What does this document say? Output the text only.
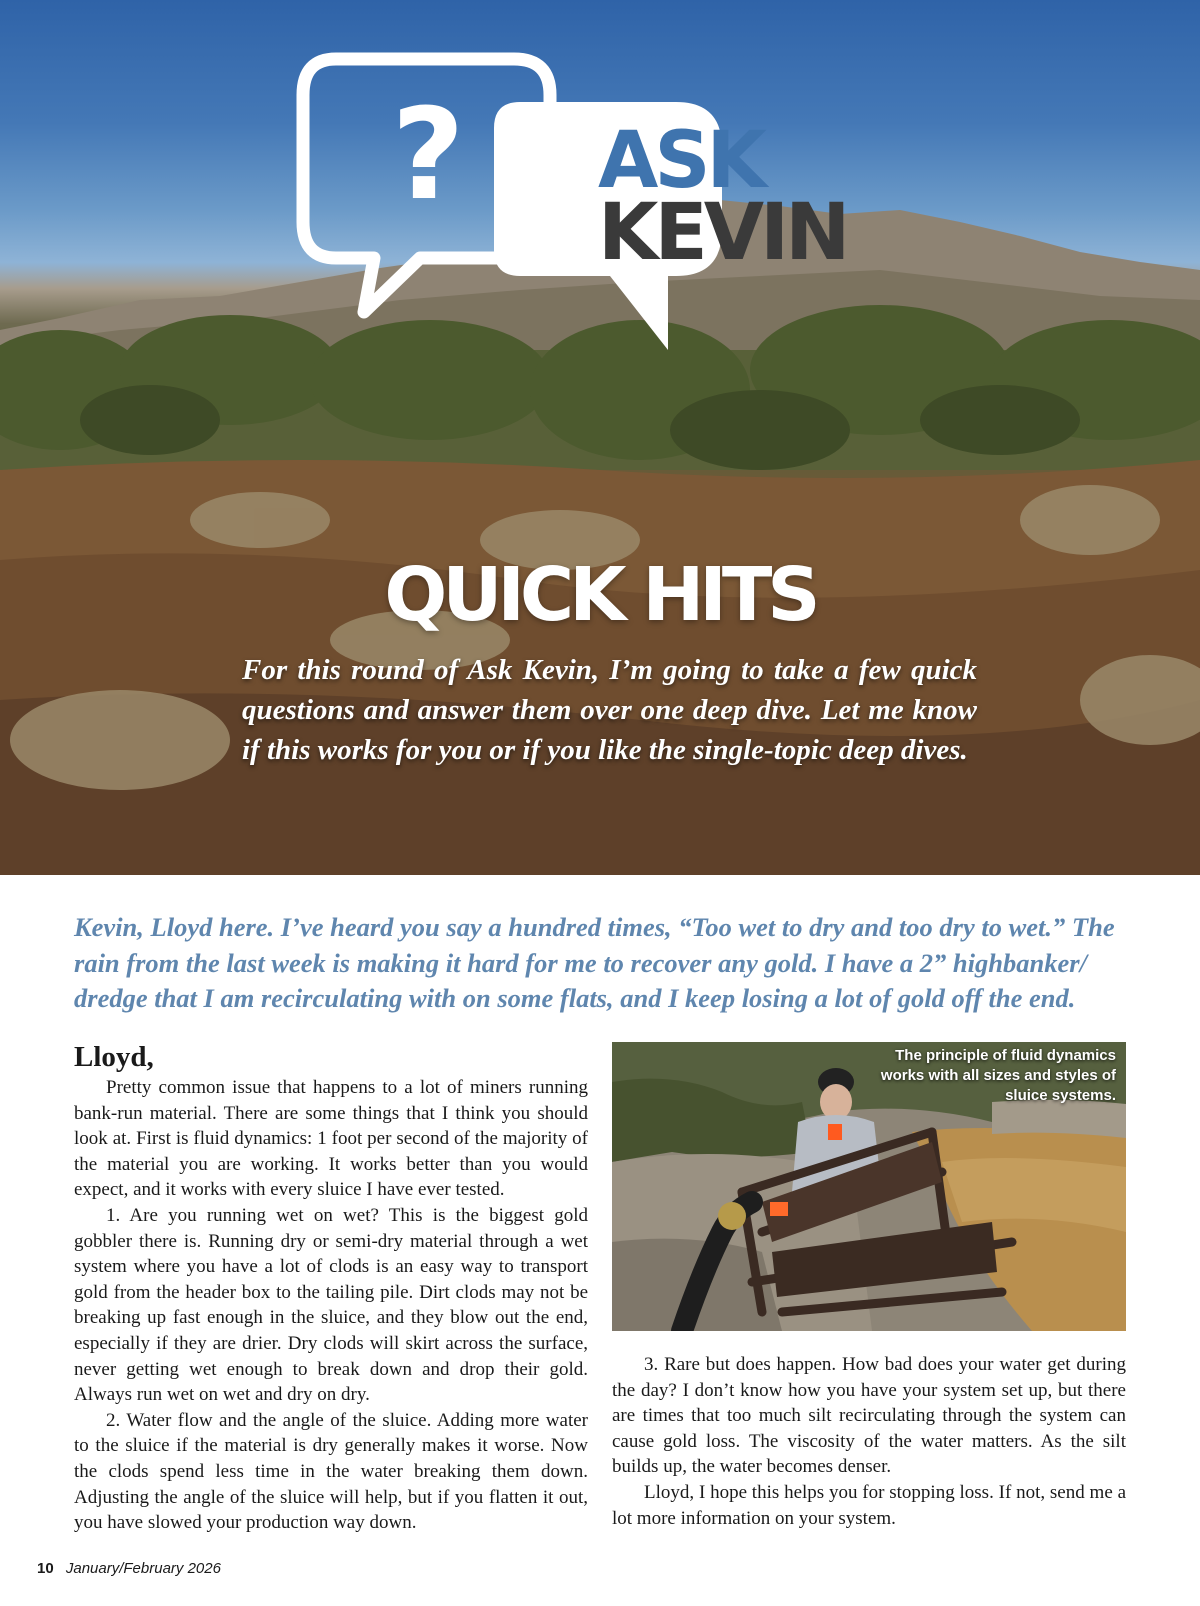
? ASK
KEVIN
QUICK HITS

For this round of Ask Kevin, I’m going to take a few quick questions and answer them over one deep dive. Let me know if this works for you or if you like the single-topic deep dives.

Kevin, Lloyd here. I’ve heard you say a hundred times, “Too wet to dry and too dry to wet.” The rain from the last week is making it hard for me to recover any gold. I have a 2” highbanker/ dredge that I am recirculating with on some flats, and I keep losing a lot of gold off the end.

Lloyd,

Pretty common issue that happens to a lot of miners running bank-run material. There are some things that I think you should look at. First is fluid dynamics: 1 foot per second of the majority of the material you are working. It works better than you would expect, and it works with every sluice I have ever tested.

1. Are you running wet on wet? This is the biggest gold gobbler there is. Running dry or semi-dry material through a wet system where you have a lot of clods is an easy way to transport gold from the header box to the tailing pile. Dirt clods may not be breaking up fast enough in the sluice, and they blow out the end, especially if they are drier. Dry clods will skirt across the surface, never getting wet enough to break down and drop their gold. Always run wet on wet and dry on dry.

2. Water flow and the angle of the sluice. Adding more water to the sluice if the material is dry generally makes it worse. Now the clods spend less time in the water breaking them down. Adjusting the angle of the sluice will help, but if you flatten it out, you have slowed your production way down.

The principle of fluid dynamics works with all sizes and styles of sluice systems.

3. Rare but does happen. How bad does your water get during the day? I don’t know how you have your system set up, but there are times that too much silt recirculating through the system can cause gold loss. The viscosity of the water matters. As the silt builds up, the water becomes denser.

Lloyd, I hope this helps you for stopping loss. If not, send me a lot more information on your system.

10 January/February 2026
